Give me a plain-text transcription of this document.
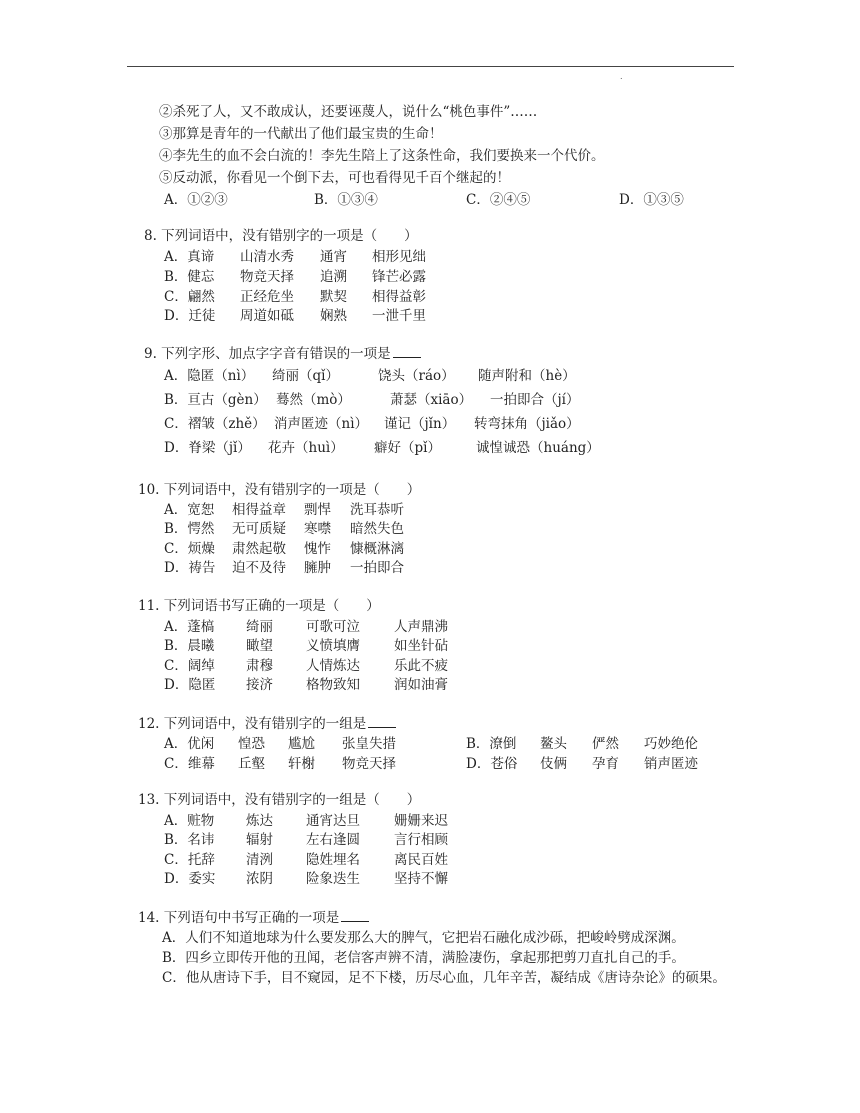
.
②杀死了人，又不敢成认，还要诬蔑人，说什么“桃色事件”……
③那算是青年的一代献出了他们最宝贵的生命！
④李先生的血不会白流的！李先生陪上了这条性命，我们要换来一个代价。
⑤反动派，你看见一个倒下去，可也看得见千百个继起的！
A．①②③	B．①③④	C．②④⑤	D．①③⑤
8. 下列词语中，没有错别字的一项是（　　）
A．真谛 山清水秀 通宵 相形见绌
B．健忘 物竞天择 追溯 锋芒必露
C．翩然 正经危坐 默契 相得益彰
D．迁徒 周道如砥 娴熟 一泄千里
9. 下列字形、加点字字音有错误的一项是
A．隐匿（nì） 绮丽（qǐ）	饶头（ráo） 随声附和（hè）
B．亘古（gèn） 蓦然（mò）	萧瑟（xiāo） 一拍即合（jí）
C．褶皱（zhě） 消声匿迹（nì） 谨记（jǐn） 转弯抹角（jiǎo）
D．脊梁（jǐ） 花卉（huì） 癖好（pǐ）	诚惶诚恐（huáng）
10. 下列词语中，没有错别字的一项是（　　）
A．宽恕 相得益章 剽悍 洗耳恭听
B．愕然 无可质疑 寒噤 暗然失色
C．烦燥 肃然起敬 愧怍 慷概淋漓
D．祷告 迫不及待 臃肿 一拍即合
11. 下列词语书写正确的一项是（　　）
A．蓬槁 绮丽 可歌可泣	人声鼎沸
B．晨曦 瞰望 义愤填膺	如坐针砧
C．阔绰 肃穆 人情炼达	乐此不疲
D．隐匿 接济 格物致知	润如油膏
12. 下列词语中，没有错别字的一组是
A．优闲 惶恐 尴尬 张皇失措	B．潦倒 鳌头 俨然 巧妙绝伦
C．维幕 丘壑 轩榭 物竞天择	D．苍俗 伎俩 孕育 销声匿迹
13. 下列词语中，没有错别字的一组是（　　）
A．赃物 炼达 通宵达旦	姗姗来迟
B．名讳 辐射 左右逢圆	言行相顾
C．托辞 清洌 隐姓埋名	离民百姓
D．委实 浓阴 险象迭生	坚持不懈
14. 下列语句中书写正确的一项是

A．人们不知道地球为什么要发那么大的脾气，它把岩石融化成沙砾，把峻岭劈成深渊。

B．四乡立即传开他的丑闻，老信客声辨不清，满脸凄伤，拿起那把剪刀直扎自己的手。

C．他从唐诗下手，目不窥园，足不下楼，历尽心血，几年辛苦，凝结成《唐诗杂论》的硕果。
